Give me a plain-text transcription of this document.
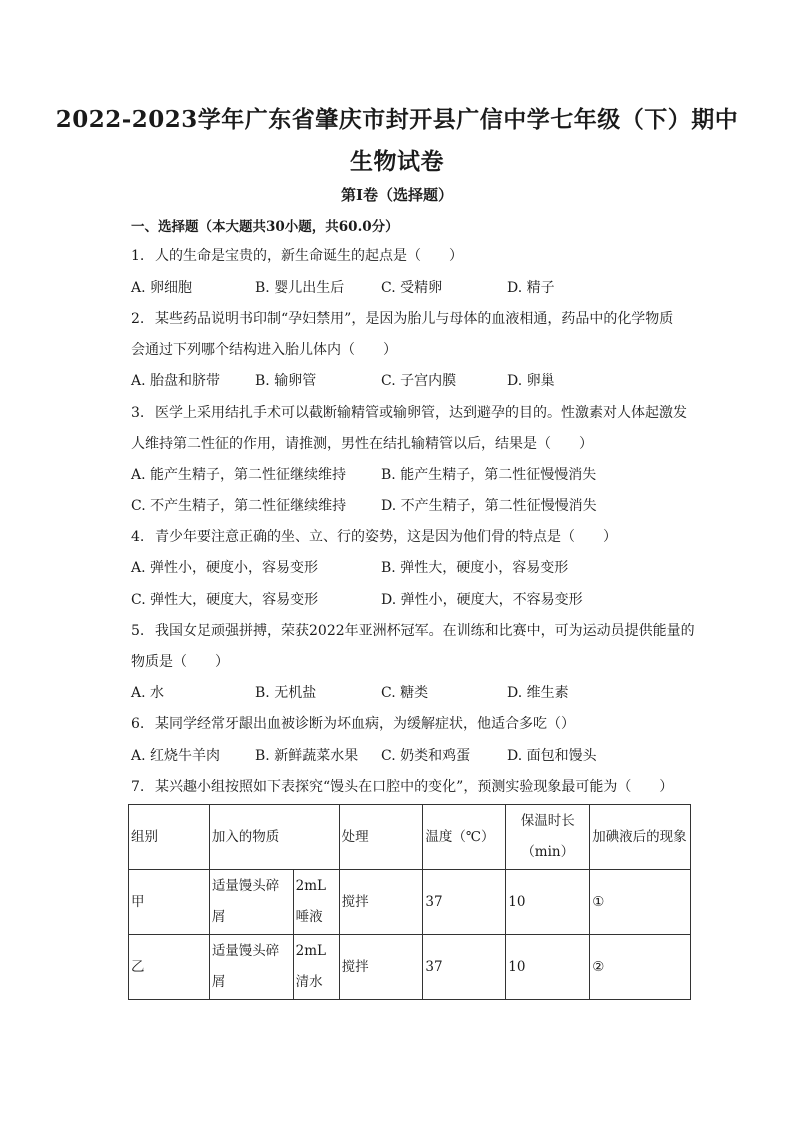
2022-2023学年广东省肇庆市封开县广信中学七年级（下）期中
生物试卷
第I卷（选择题）
一、选择题（本大题共30小题，共60.0分）
1. 人的生命是宝贵的，新生命诞生的起点是（　　）
A. 卵细胞	B. 婴儿出生后	C. 受精卵	D. 精子
2. 某些药品说明书印制“孕妇禁用”，是因为胎儿与母体的血液相通，药品中的化学物质
会通过下列哪个结构进入胎儿体内（　　）
A. 胎盘和脐带 B. 输卵管	C. 子宫内膜	D. 卵巢
3. 医学上采用结扎手术可以截断输精管或输卵管，达到避孕的目的。性激素对人体起激发
人维持第二性征的作用，请推测，男性在结扎输精管以后，结果是（　　）
A. 能产生精子，第二性征继续维持 B. 能产生精子，第二性征慢慢消失
C. 不产生精子，第二性征继续维持 D. 不产生精子，第二性征慢慢消失
4. 青少年要注意正确的坐、立、行的姿势，这是因为他们骨的特点是（　　）
A. 弹性小，硬度小，容易变形	B. 弹性大，硬度小，容易变形
C. 弹性大，硬度大，容易变形	D. 弹性小，硬度大，不容易变形
5. 我国女足顽强拼搏，荣获2022年亚洲杯冠军。在训练和比赛中，可为运动员提供能量的
物质是（　　）
A. 水	B. 无机盐	C. 糖类	D. 维生素
6. 某同学经常牙龈出血被诊断为坏血病，为缓解症状，他适合多吃（）
A. 红烧牛羊肉 B. 新鲜蔬菜水果 C. 奶类和鸡蛋	D. 面包和馒头
7. 某兴趣小组按照如下表探究“馒头在口腔中的变化”，预测实验现象最可能为（　　）
组别	加入的物质		处理	温度（℃）	保温时长（min）	加碘液后的现象
甲	适量馒头碎屑	2mL唾液	搅拌	37	10	①
乙	适量馒头碎屑	2mL清水	搅拌	37	10	②
